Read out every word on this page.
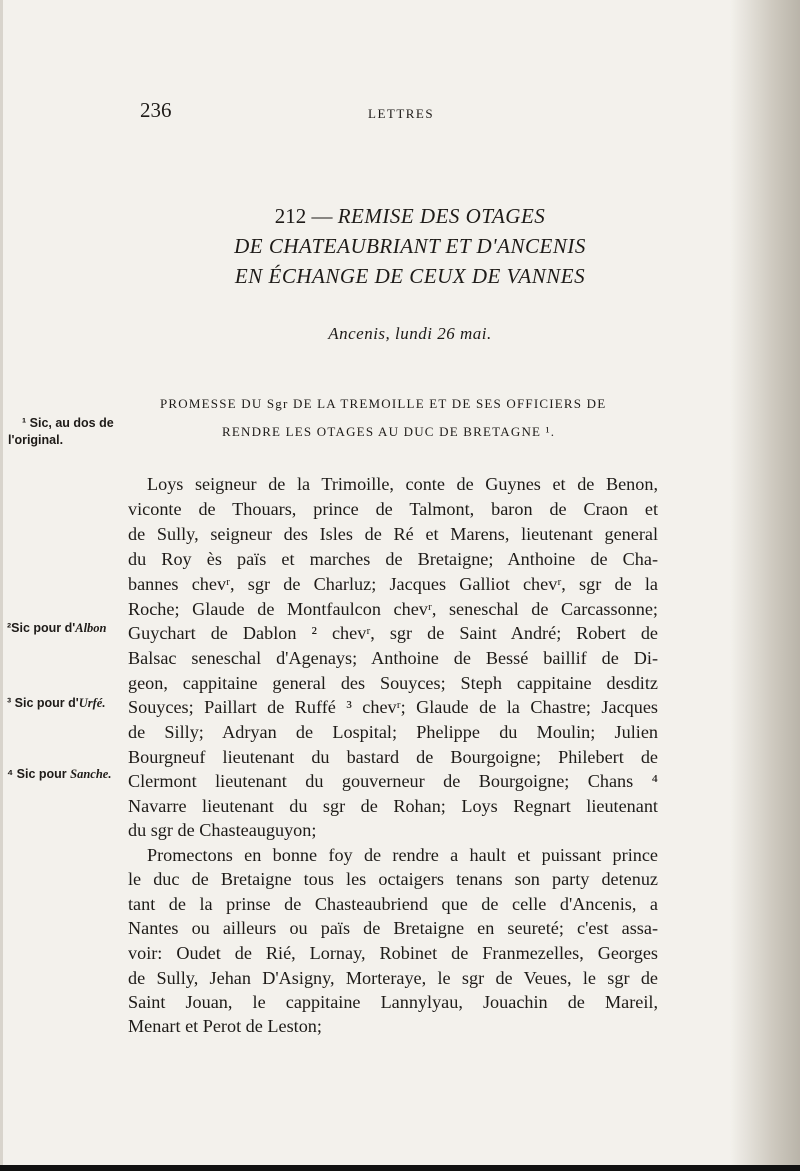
236	LETTRES
212 — REMISE DES OTAGES
DE CHATEAUBRIANT ET D'ANCENIS
EN ÉCHANGE DE CEUX DE VANNES
Ancenis, lundi 26 mai.
PROMESSE DU Sgr DE LA TREMOILLE ET DE SES OFFICIERS DE
RENDRE LES OTAGES AU DUC DE BRETAGNE ¹.
¹ Sic, au dos de
l'original.
²Sic pour d'Albon
³ Sic pour d'Urfé.
⁴ Sic pour Sanche.
Loys seigneur de la Trimoille, conte de Guynes et de Benon,
viconte de Thouars, prince de Talmont, baron de Craon et
de Sully, seigneur des Isles de Ré et Marens, lieutenant general
du Roy ès païs et marches de Bretaigne; Anthoine de Cha-
bannes chevʳ, sgr de Charluz; Jacques Galliot chevʳ, sgr de la
Roche; Glaude de Montfaulcon chevʳ, seneschal de Carcassonne;
Guychart de Dablon ² chevʳ, sgr de Saint André; Robert de
Balsac seneschal d'Agenays; Anthoine de Bessé baillif de Di-
geon, cappitaine general des Souyces; Steph cappitaine desditz
Souyces; Paillart de Ruffé ³ chevʳ; Glaude de la Chastre; Jacques
de Silly; Adryan de Lospital; Phelippe du Moulin; Julien
Bourgneuf lieutenant du bastard de Bourgoigne; Philebert de
Clermont lieutenant du gouverneur de Bourgoigne; Chans ⁴
Navarre lieutenant du sgr de Rohan; Loys Regnart lieutenant
du sgr de Chasteauguyon;
Promectons en bonne foy de rendre a hault et puissant prince
le duc de Bretaigne tous les octaigers tenans son party detenuz
tant de la prinse de Chasteaubriend que de celle d'Ancenis, a
Nantes ou ailleurs ou païs de Bretaigne en seureté; c'est assa-
voir: Oudet de Rié, Lornay, Robinet de Franmezelles, Georges
de Sully, Jehan D'Asigny, Morteraye, le sgr de Veues, le sgr de
Saint Jouan, le cappitaine Lannylyau, Jouachin de Mareil,
Menart et Perot de Leston;
